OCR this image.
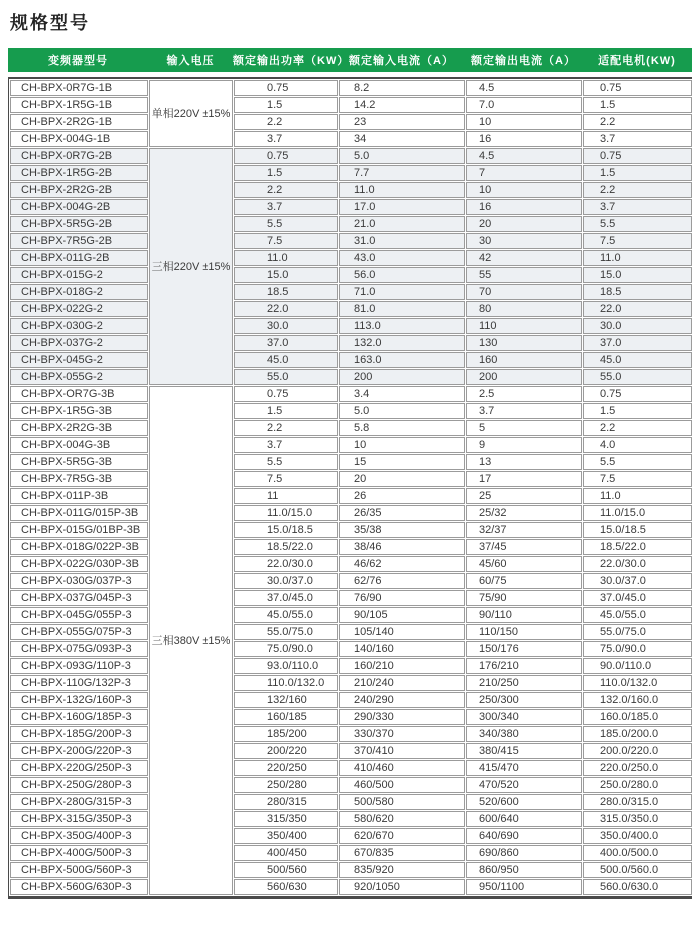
规格型号
变频器型号	输入电压	额定输出功率（KW） 额定输入电流（A）	额定输出电流（A）	适配电机(KW)
CH-BPX-0R7G-1B	单相220V ±15%	0.75	8.2	4.5	0.75
CH-BPX-1R5G-1B		1.5	14.2	7.0	1.5
CH-BPX-2R2G-1B		2.2	23	10	2.2
CH-BPX-004G-1B		3.7	34	16	3.7
CH-BPX-0R7G-2B	三相220V ±15%	0.75	5.0	4.5	0.75
CH-BPX-1R5G-2B		1.5	7.7	7	1.5
CH-BPX-2R2G-2B		2.2	11.0	10	2.2
CH-BPX-004G-2B		3.7	17.0	16	3.7
CH-BPX-5R5G-2B		5.5	21.0	20	5.5
CH-BPX-7R5G-2B		7.5	31.0	30	7.5
CH-BPX-011G-2B		11.0	43.0	42	11.0
CH-BPX-015G-2		15.0	56.0	55	15.0
CH-BPX-018G-2		18.5	71.0	70	18.5
CH-BPX-022G-2		22.0	81.0	80	22.0
CH-BPX-030G-2		30.0	113.0	110	30.0
CH-BPX-037G-2		37.0	132.0	130	37.0
CH-BPX-045G-2		45.0	163.0	160	45.0
CH-BPX-055G-2		55.0	200	200	55.0
CH-BPX-OR7G-3B	三相380V ±15%	0.75	3.4	2.5	0.75
CH-BPX-1R5G-3B		1.5	5.0	3.7	1.5
CH-BPX-2R2G-3B		2.2	5.8	5	2.2
CH-BPX-004G-3B		3.7	10	9	4.0
CH-BPX-5R5G-3B		5.5	15	13	5.5
CH-BPX-7R5G-3B		7.5	20	17	7.5
CH-BPX-011P-3B		11	26	25	11.0
CH-BPX-011G/015P-3B		11.0/15.0	26/35	25/32	11.0/15.0
CH-BPX-015G/01BP-3B		15.0/18.5	35/38	32/37	15.0/18.5
CH-BPX-018G/022P-3B		18.5/22.0	38/46	37/45	18.5/22.0
CH-BPX-022G/030P-3B		22.0/30.0	46/62	45/60	22.0/30.0
CH-BPX-030G/037P-3		30.0/37.0	62/76	60/75	30.0/37.0
CH-BPX-037G/045P-3		37.0/45.0	76/90	75/90	37.0/45.0
CH-BPX-045G/055P-3		45.0/55.0	90/105	90/110	45.0/55.0
CH-BPX-055G/075P-3		55.0/75.0	105/140	110/150	55.0/75.0
CH-BPX-075G/093P-3		75.0/90.0	140/160	150/176	75.0/90.0
CH-BPX-093G/110P-3		93.0/110.0	160/210	176/210	90.0/110.0
CH-BPX-110G/132P-3		110.0/132.0	210/240	210/250	110.0/132.0
CH-BPX-132G/160P-3		132/160	240/290	250/300	132.0/160.0
CH-BPX-160G/185P-3		160/185	290/330	300/340	160.0/185.0
CH-BPX-185G/200P-3		185/200	330/370	340/380	185.0/200.0
CH-BPX-200G/220P-3		200/220	370/410	380/415	200.0/220.0
CH-BPX-220G/250P-3		220/250	410/460	415/470	220.0/250.0
CH-BPX-250G/280P-3		250/280	460/500	470/520	250.0/280.0
CH-BPX-280G/315P-3		280/315	500/580	520/600	280.0/315.0
CH-BPX-315G/350P-3		315/350	580/620	600/640	315.0/350.0
CH-BPX-350G/400P-3		350/400	620/670	640/690	350.0/400.0
CH-BPX-400G/500P-3		400/450	670/835	690/860	400.0/500.0
CH-BPX-500G/560P-3		500/560	835/920	860/950	500.0/560.0
CH-BPX-560G/630P-3		560/630	920/1050	950/1100	560.0/630.0
